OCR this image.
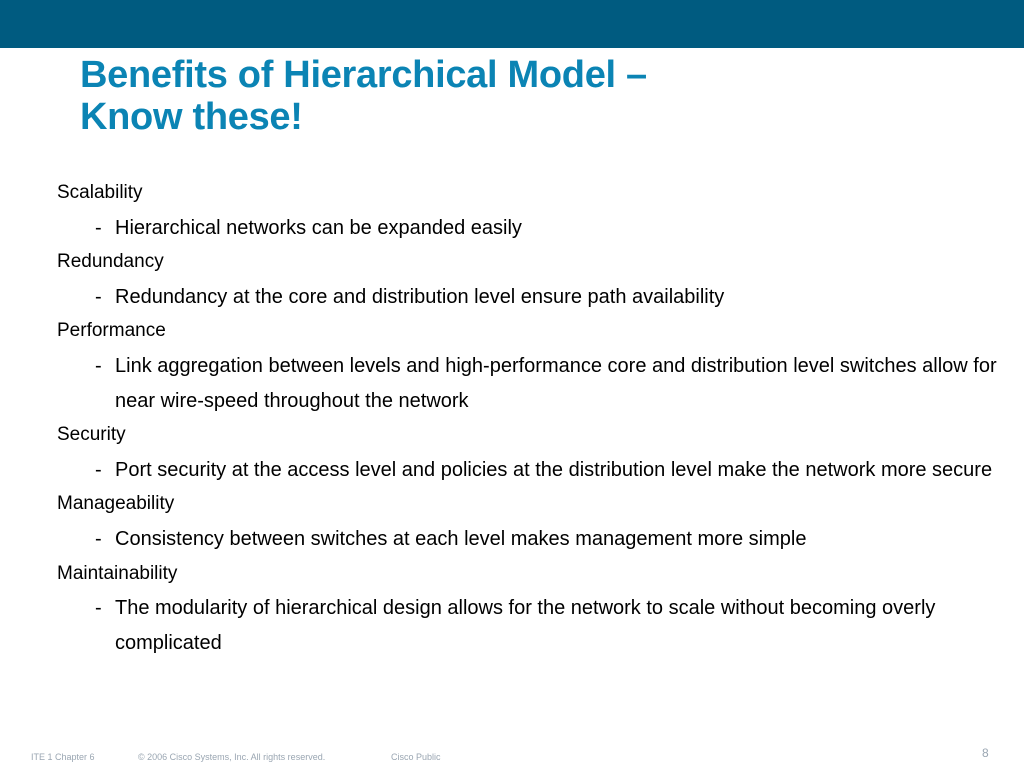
Benefits of Hierarchical Model –
Know these!
Scalability
- Hierarchical networks can be expanded easily
Redundancy
- Redundancy at the core and distribution level ensure path availability
Performance
- Link aggregation between levels and high-performance core and distribution level switches allow for near wire-speed throughout the network
Security
- Port security at the access level and policies at the distribution level make the network more secure
Manageability
- Consistency between switches at each level makes management more simple
Maintainability
- The modularity of hierarchical design allows for the network to scale without becoming overly complicated
ITE 1 Chapter 6	© 2006 Cisco Systems, Inc. All rights reserved.	Cisco Public	8
